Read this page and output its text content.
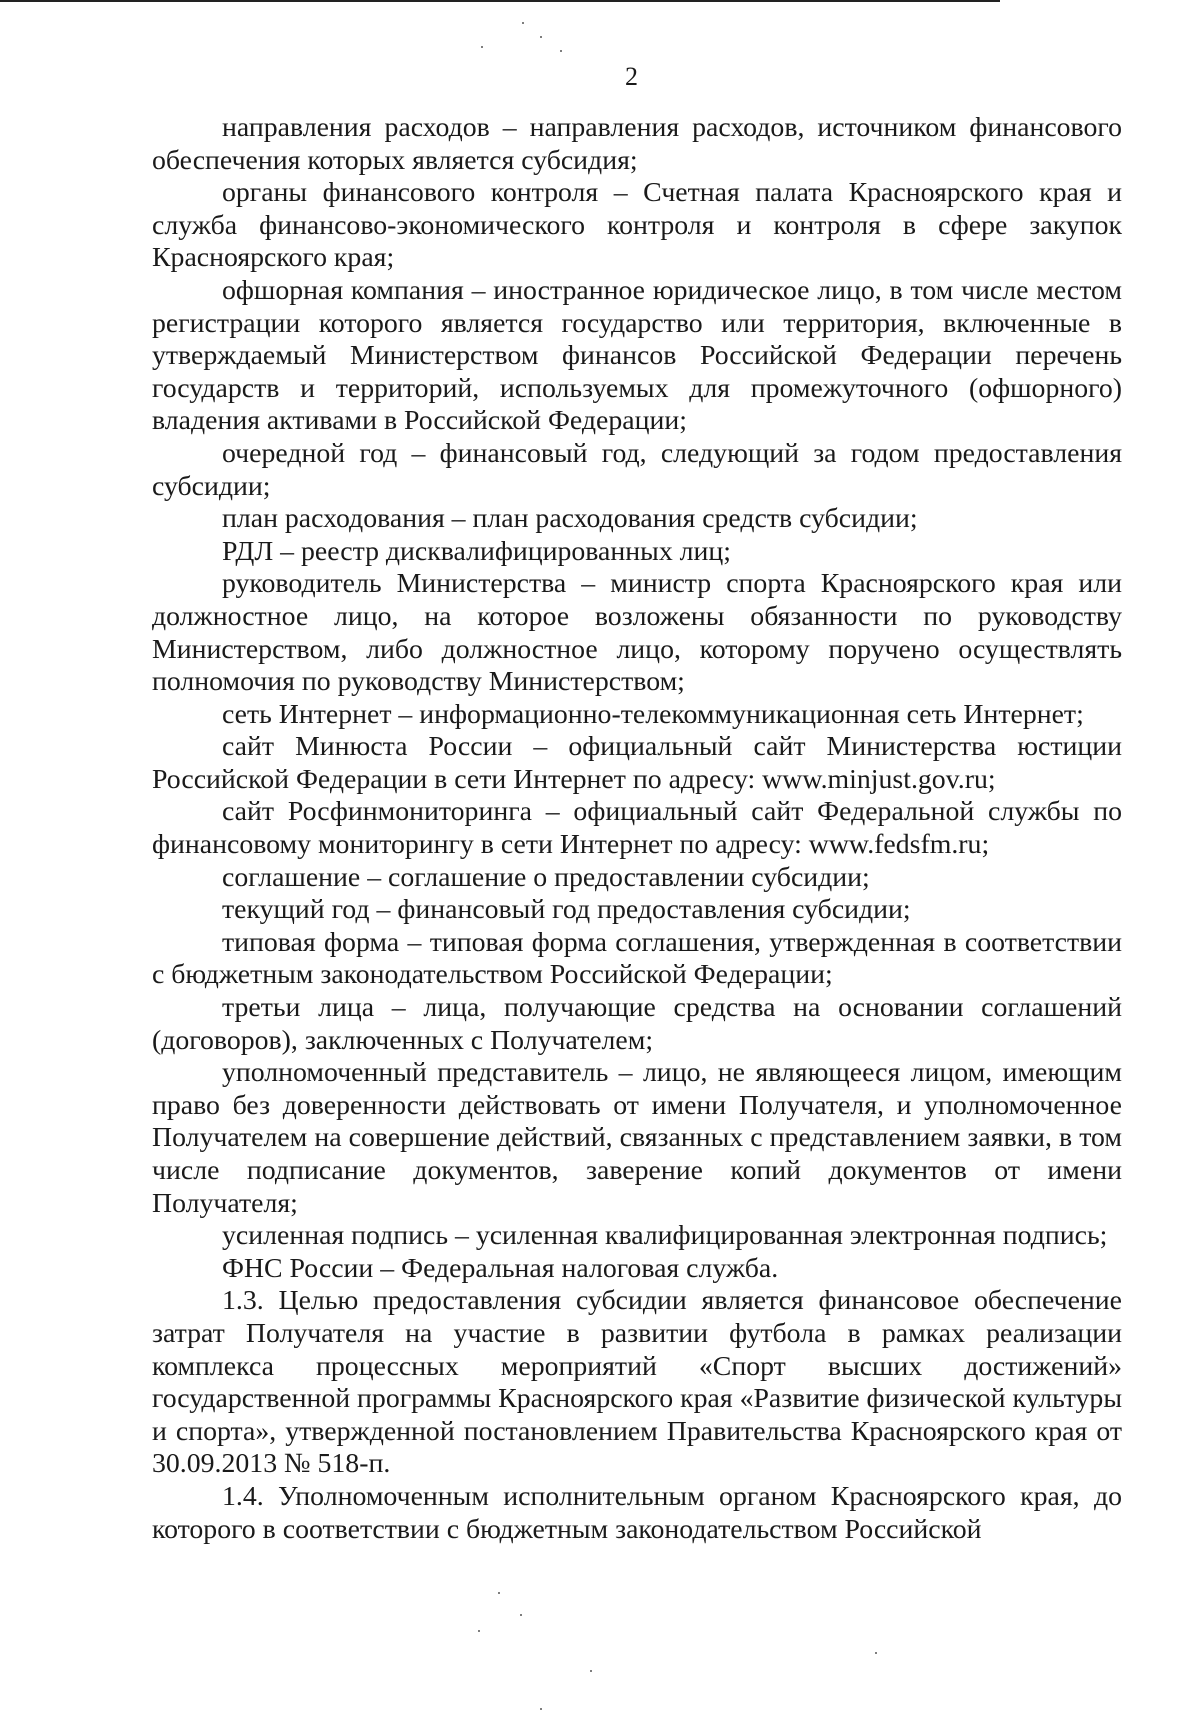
2

направления расходов – направления расходов, источником финансового обеспечения которых является субсидия;

органы финансового контроля – Счетная палата Красноярского края и служба финансово-экономического контроля и контроля в сфере закупок Красноярского края;

офшорная компания – иностранное юридическое лицо, в том числе местом регистрации которого является государство или территория, включенные в утверждаемый Министерством финансов Российской Федерации перечень государств и территорий, используемых для промежуточного (офшорного) владения активами в Российской Федерации;

очередной год – финансовый год, следующий за годом предоставления субсидии;

план расходования – план расходования средств субсидии;

РДЛ – реестр дисквалифицированных лиц;

руководитель Министерства – министр спорта Красноярского края или должностное лицо, на которое возложены обязанности по руководству Министерством, либо должностное лицо, которому поручено осуществлять полномочия по руководству Министерством;

сеть Интернет – информационно-телекоммуникационная сеть Интернет;

сайт Минюста России – официальный сайт Министерства юстиции Российской Федерации в сети Интернет по адресу: www.minjust.gov.ru;

сайт Росфинмониторинга – официальный сайт Федеральной службы по финансовому мониторингу в сети Интернет по адресу: www.fedsfm.ru;

соглашение – соглашение о предоставлении субсидии;

текущий год – финансовый год предоставления субсидии;

типовая форма – типовая форма соглашения, утвержденная в соответствии с бюджетным законодательством Российской Федерации;

третьи лица – лица, получающие средства на основании соглашений (договоров), заключенных с Получателем;

уполномоченный представитель – лицо, не являющееся лицом, имеющим право без доверенности действовать от имени Получателя, и уполномоченное Получателем на совершение действий, связанных с представлением заявки, в том числе подписание документов, заверение копий документов от имени Получателя;

усиленная подпись – усиленная квалифицированная электронная подпись;

ФНС России – Федеральная налоговая служба.

1.3. Целью предоставления субсидии является финансовое обеспечение затрат Получателя на участие в развитии футбола в рамках реализации комплекса процессных мероприятий «Спорт высших достижений» государственной программы Красноярского края «Развитие физической культуры и спорта», утвержденной постановлением Правительства Красноярского края от 30.09.2013 № 518-п.

1.4. Уполномоченным исполнительным органом Красноярского края, до которого в соответствии с бюджетным законодательством Российской
